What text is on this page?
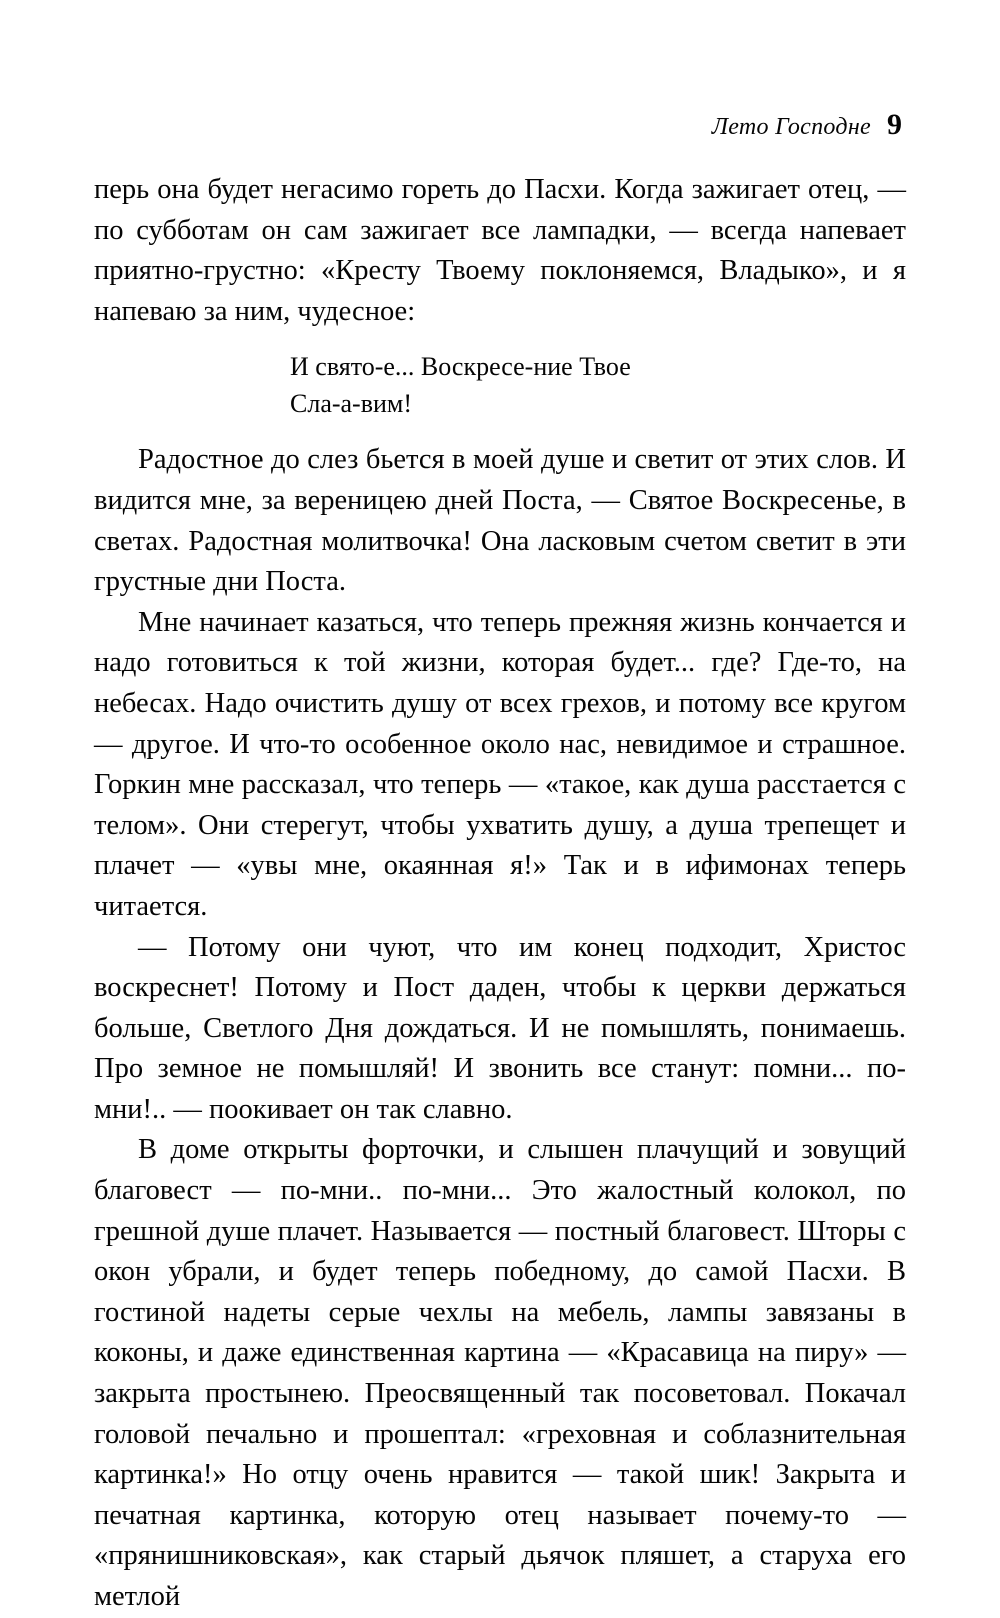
Лето Господне 9

перь она будет негасимо гореть до Пасхи. Когда зажигает отец, — по субботам он сам зажигает все лампадки, — всегда напевает приятно-грустно: «Кресту Твоему поклоняемся, Владыко», и я напеваю за ним, чудесное:

И свято-е... Воскресе-ние Твое
Сла-а-вим!

Радостное до слез бьется в моей душе и светит от этих слов. И видится мне, за вереницею дней Поста, — Святое Воскресенье, в светах. Радостная молитвочка! Она ласковым счетом светит в эти грустные дни Поста.

Мне начинает казаться, что теперь прежняя жизнь кончается и надо готовиться к той жизни, которая будет... где? Где-то, на небесах. Надо очистить душу от всех грехов, и потому все кругом — другое. И что-то особенное около нас, невидимое и страшное. Горкин мне рассказал, что теперь — «такое, как душа расстается с телом». Они стерегут, чтобы ухватить душу, а душа трепещет и плачет — «увы мне, окаянная я!» Так и в ифимонах теперь читается.

— Потому они чуют, что им конец подходит, Христос воскреснет! Потому и Пост даден, чтобы к церкви держаться больше, Светлого Дня дождаться. И не помышлять, понимаешь. Про земное не помышляй! И звонить все станут: помни... по-мни!.. — поокивает он так славно.

В доме открыты форточки, и слышен плачущий и зовущий благовест — по-мни.. по-мни... Это жалостный колокол, по грешной душе плачет. Называется — постный благовест. Шторы с окон убрали, и будет теперь победному, до самой Пасхи. В гостиной надеты серые чехлы на мебель, лампы завязаны в коконы, и даже единственная картина — «Красавица на пиру» — закрыта простынею. Преосвященный так посоветовал. Покачал головой печально и прошептал: «греховная и соблазнительная картинка!» Но отцу очень нравится — такой шик! Закрыта и печатная картинка, которую отец называет почему-то — «прянишниковская», как старый дьячок пляшет, а старуха его метлой
